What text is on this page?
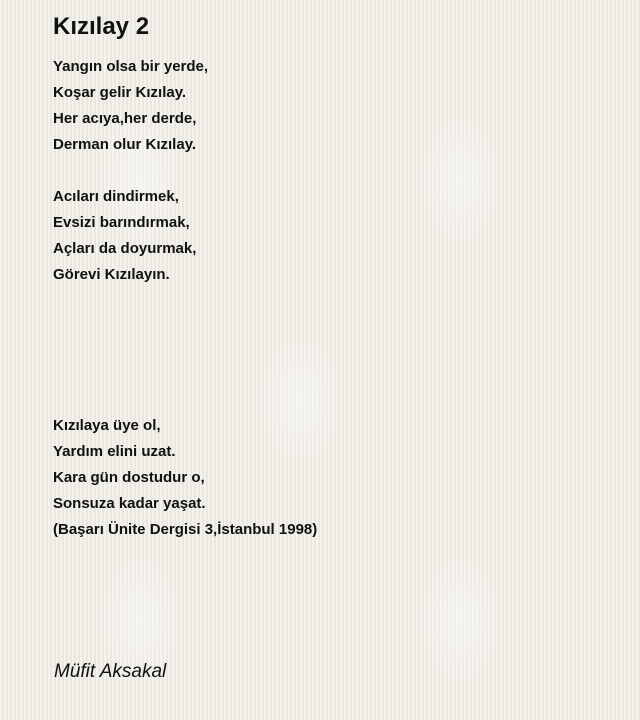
Kızılay 2
Yangın olsa bir yerde,
Koşar gelir Kızılay.
Her acıya,her derde,
Derman olur Kızılay.
Acıları dindirmek,
Evsizi barındırmak,
Açları da doyurmak,
Görevi Kızılayın.
Kızılaya üye ol,
Yardım elini uzat.
Kara gün dostudur o,
Sonsuza kadar yaşat.
(Başarı Ünite Dergisi 3,İstanbul 1998)
Müfit Aksakal
